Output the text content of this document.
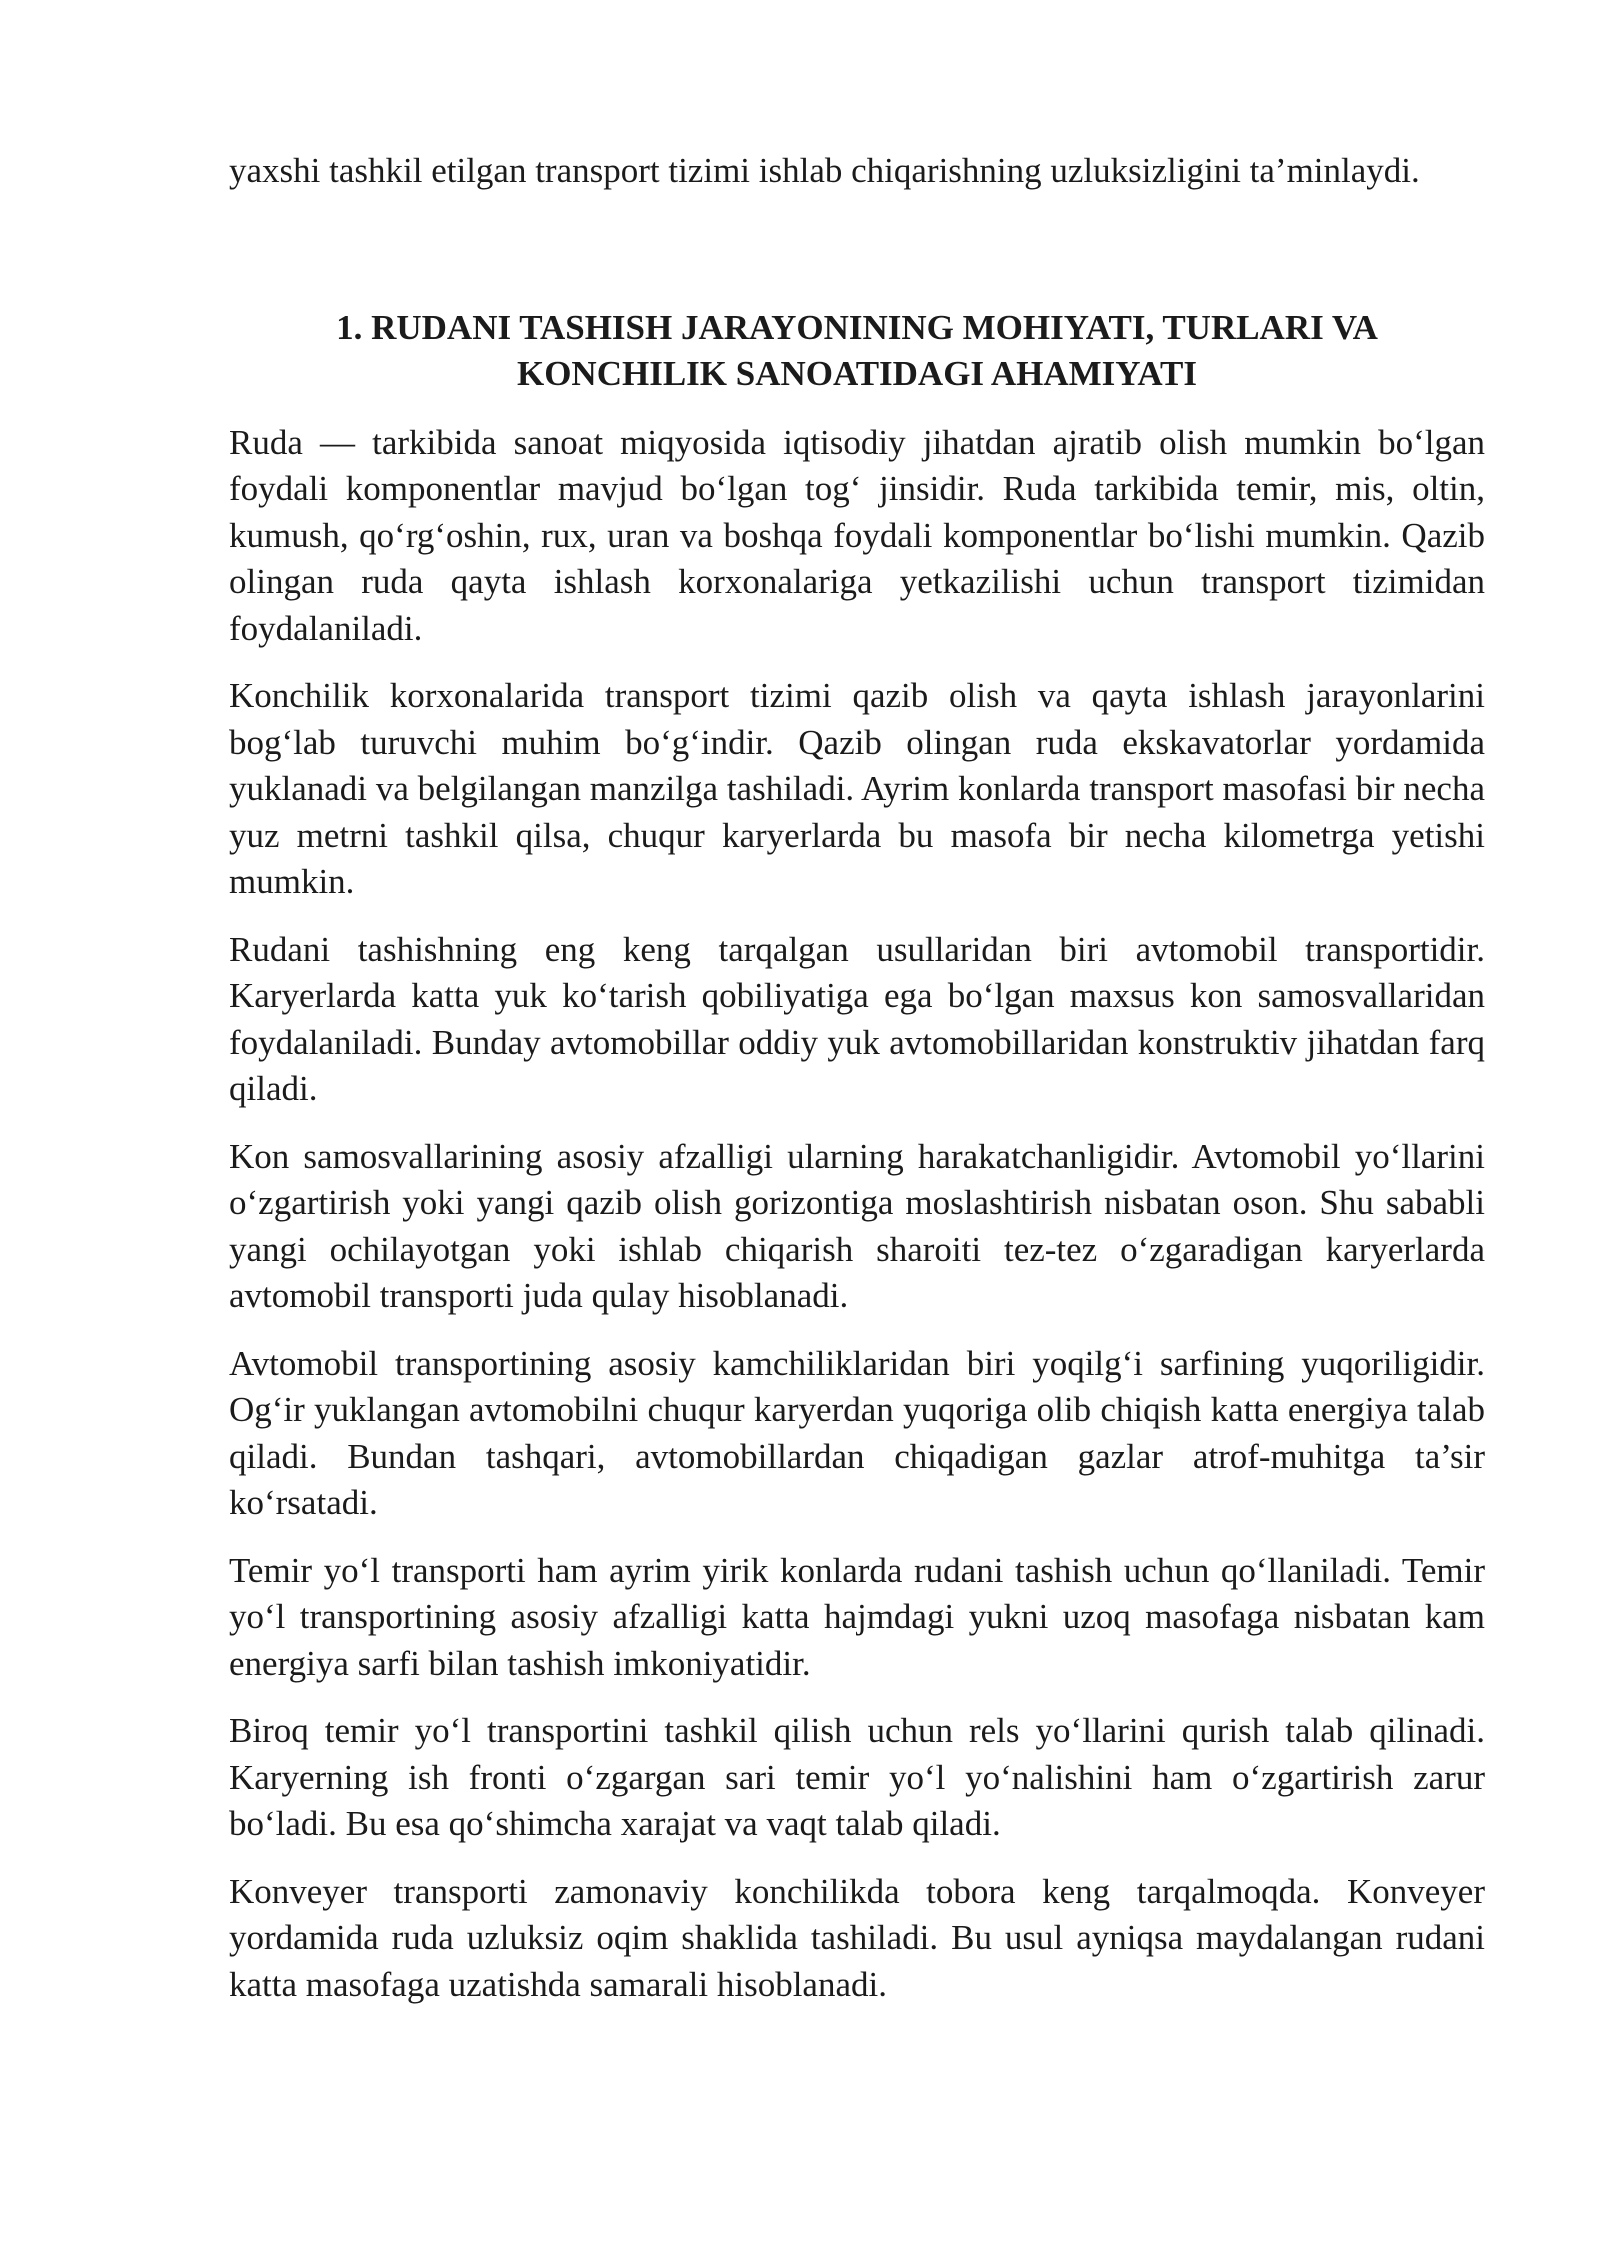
yaxshi tashkil etilgan transport tizimi ishlab chiqarishning uzluksizligini ta’minlaydi.

1. RUDANI TASHISH JARAYONINING MOHIYATI, TURLARI VA KONCHILIK SANOATIDAGI AHAMIYATI

Ruda — tarkibida sanoat miqyosida iqtisodiy jihatdan ajratib olish mumkin bo‘lgan foydali komponentlar mavjud bo‘lgan tog‘ jinsidir. Ruda tarkibida temir, mis, oltin, kumush, qo‘rg‘oshin, rux, uran va boshqa foydali komponentlar bo‘lishi mumkin. Qazib olingan ruda qayta ishlash korxonalariga yetkazilishi uchun transport tizimidan foydalaniladi.

Konchilik korxonalarida transport tizimi qazib olish va qayta ishlash jarayonlarini bog‘lab turuvchi muhim bo‘g‘indir. Qazib olingan ruda ekskavatorlar yordamida yuklanadi va belgilangan manzilga tashiladi. Ayrim konlarda transport masofasi bir necha yuz metrni tashkil qilsa, chuqur karyerlarda bu masofa bir necha kilometrga yetishi mumkin.

Rudani tashishning eng keng tarqalgan usullaridan biri avtomobil transportidir. Karyerlarda katta yuk ko‘tarish qobiliyatiga ega bo‘lgan maxsus kon samosvallaridan foydalaniladi. Bunday avtomobillar oddiy yuk avtomobillaridan konstruktiv jihatdan farq qiladi.

Kon samosvallarining asosiy afzalligi ularning harakatchanligidir. Avtomobil yo‘llarini o‘zgartirish yoki yangi qazib olish gorizontiga moslashtirish nisbatan oson. Shu sababli yangi ochilayotgan yoki ishlab chiqarish sharoiti tez-tez o‘zgaradigan karyerlarda avtomobil transporti juda qulay hisoblanadi.

Avtomobil transportining asosiy kamchiliklaridan biri yoqilg‘i sarfining yuqoriligidir. Og‘ir yuklangan avtomobilni chuqur karyerdan yuqoriga olib chiqish katta energiya talab qiladi. Bundan tashqari, avtomobillardan chiqadigan gazlar atrof-muhitga ta’sir ko‘rsatadi.

Temir yo‘l transporti ham ayrim yirik konlarda rudani tashish uchun qo‘llaniladi. Temir yo‘l transportining asosiy afzalligi katta hajmdagi yukni uzoq masofaga nisbatan kam energiya sarfi bilan tashish imkoniyatidir.

Biroq temir yo‘l transportini tashkil qilish uchun rels yo‘llarini qurish talab qilinadi. Karyerning ish fronti o‘zgargan sari temir yo‘l yo‘nalishini ham o‘zgartirish zarur bo‘ladi. Bu esa qo‘shimcha xarajat va vaqt talab qiladi.

Konveyer transporti zamonaviy konchilikda tobora keng tarqalmoqda. Konveyer yordamida ruda uzluksiz oqim shaklida tashiladi. Bu usul ayniqsa maydalangan rudani katta masofaga uzatishda samarali hisoblanadi.
